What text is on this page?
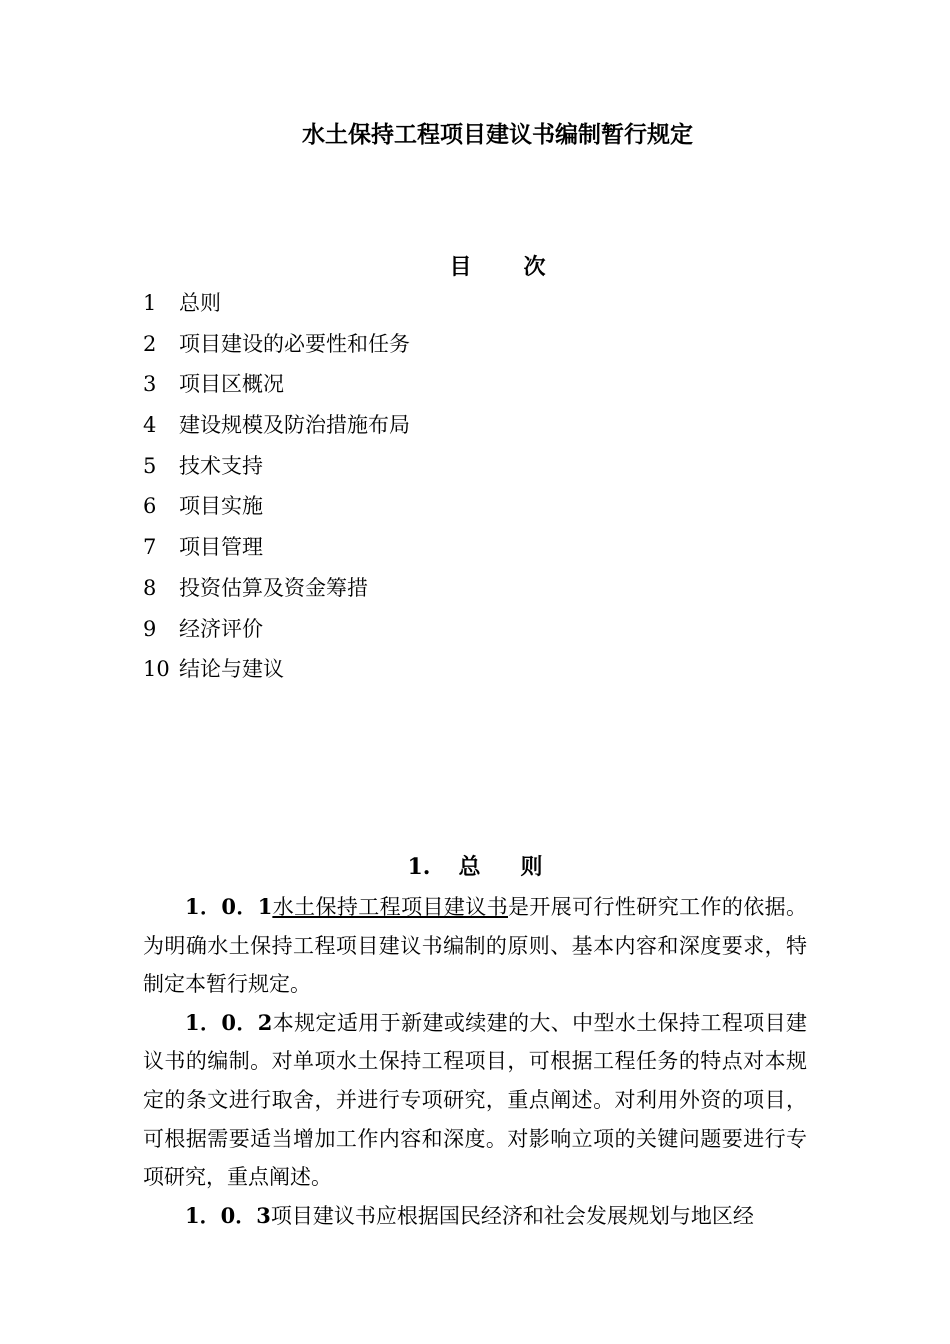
水土保持工程项目建议书编制暂行规定
目 次
1 总则
2 项目建设的必要性和任务
3 项目区概况
4 建设规模及防治措施布局
5 技术支持
6 项目实施
7 项目管理
8 投资估算及资金筹措
9 经济评价
10 结论与建议
1. 总 则

1．0．1水土保持工程项目建议书是开展可行性研究工作的依据。为明确水土保持工程项目建议书编制的原则、基本内容和深度要求，特制定本暂行规定。

1．0．2本规定适用于新建或续建的大、中型水土保持工程项目建议书的编制。对单项水土保持工程项目，可根据工程任务的特点对本规定的条文进行取舍，并进行专项研究，重点阐述。对利用外资的项目，可根据需要适当增加工作内容和深度。对影响立项的关键问题要进行专项研究，重点阐述。

1．0．3项目建议书应根据国民经济和社会发展规划与地区经
